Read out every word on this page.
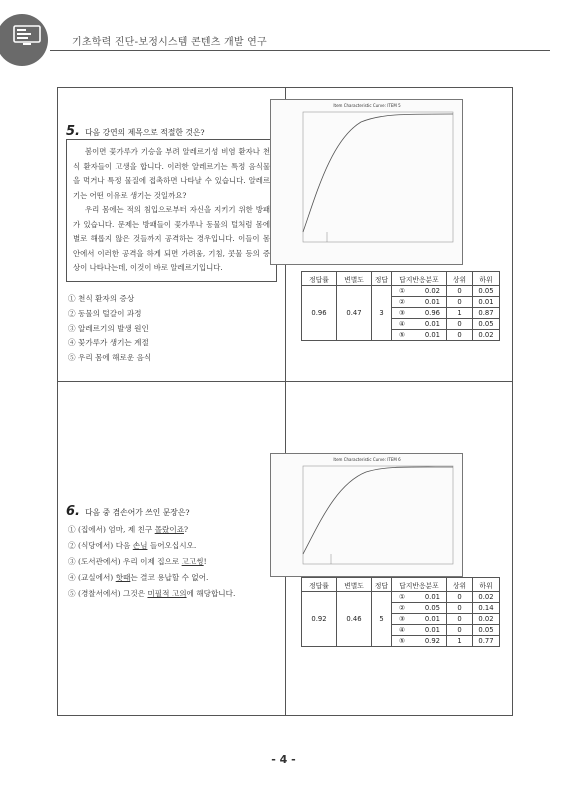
기초학력 진단-보정시스템 콘텐츠 개발 연구
5. 다음 강연의 제목으로 적절한 것은?

봄이면 꽃가루가 기승을 부려 알레르기성 비염 환자나 천식 환자들이 고생을 합니다. 이러한 알레르기는 특정 음식물을 먹거나 특정 물질에 접촉하면 나타날 수 있습니다. 알레르기는 어떤 이유로 생기는 것일까요?

우리 몸에는 적의 침입으로부터 자신을 지키기 위한 방패가 있습니다. 문제는 방패들이 꽃가루나 동물의 털처럼 몸에 별로 해롭지 않은 것들까지 공격하는 경우입니다. 이들이 몸 안에서 이러한 공격을 하게 되면 가려움, 기침, 콧물 등의 증상이 나타나는데, 이것이 바로 알레르기입니다.

① 천식 환자의 증상
② 동물의 털갈이 과정
③ 알레르기의 발생 원인
④ 꽃가루가 생기는 계절
⑤ 우리 몸에 해로운 음식
Item Characteristic Curve: ITEM 5
정답률	변별도	정답	답지반응분포	상위	하위
0.96	0.47	3	① 0.02	0	0.05
			② 0.01	0	0.01
			③ 0.96	1	0.87
			④ 0.01	0	0.05
			⑤ 0.01	0	0.02
6. 다음 중 겸손어가 쓰인 문장은?
① (집에서) 엄마, 제 친구 몰랐이죠?
② (식당에서) 다음 손님 들어오십시오.
③ (도서관에서) 우리 이제 집으로 고고씽!
④ (교실에서) 핫때는 결코 용납할 수 없어.
⑤ (경찰서에서) 그것은 미필적 고의에 해당합니다.
Item Characteristic Curve: ITEM 6
정답률	변별도	정답	답지반응분포	상위	하위
0.92	0.46	5	① 0.01	0	0.02
			② 0.05	0	0.14
			③ 0.01	0	0.02
			④ 0.01	0	0.05
			⑤ 0.92	1	0.77
- 4 -
